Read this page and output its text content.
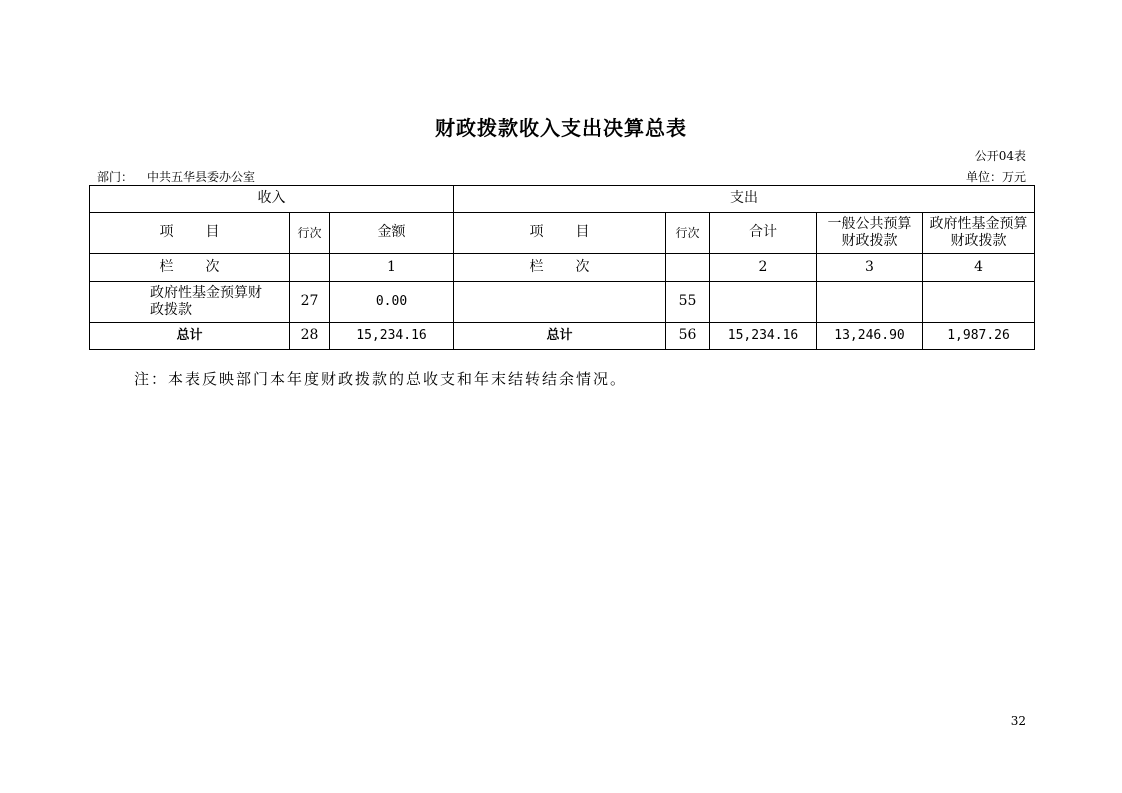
财政拨款收入支出决算总表
公开04表
部门： 中共五华县委办公室	单位：万元
收入			支出				
项 目	行次	金额	项 目	行次	合计	一般公共预算财政拨款	政府性基金预算财政拨款
栏 次		1	栏 次		2	3	4
政府性基金预算财政拨款	27	0.00		55			
总计	28	15,234.16	总计	56	15,234.16	13,246.90	1,987.26
注：本表反映部门本年度财政拨款的总收支和年末结转结余情况。
32
